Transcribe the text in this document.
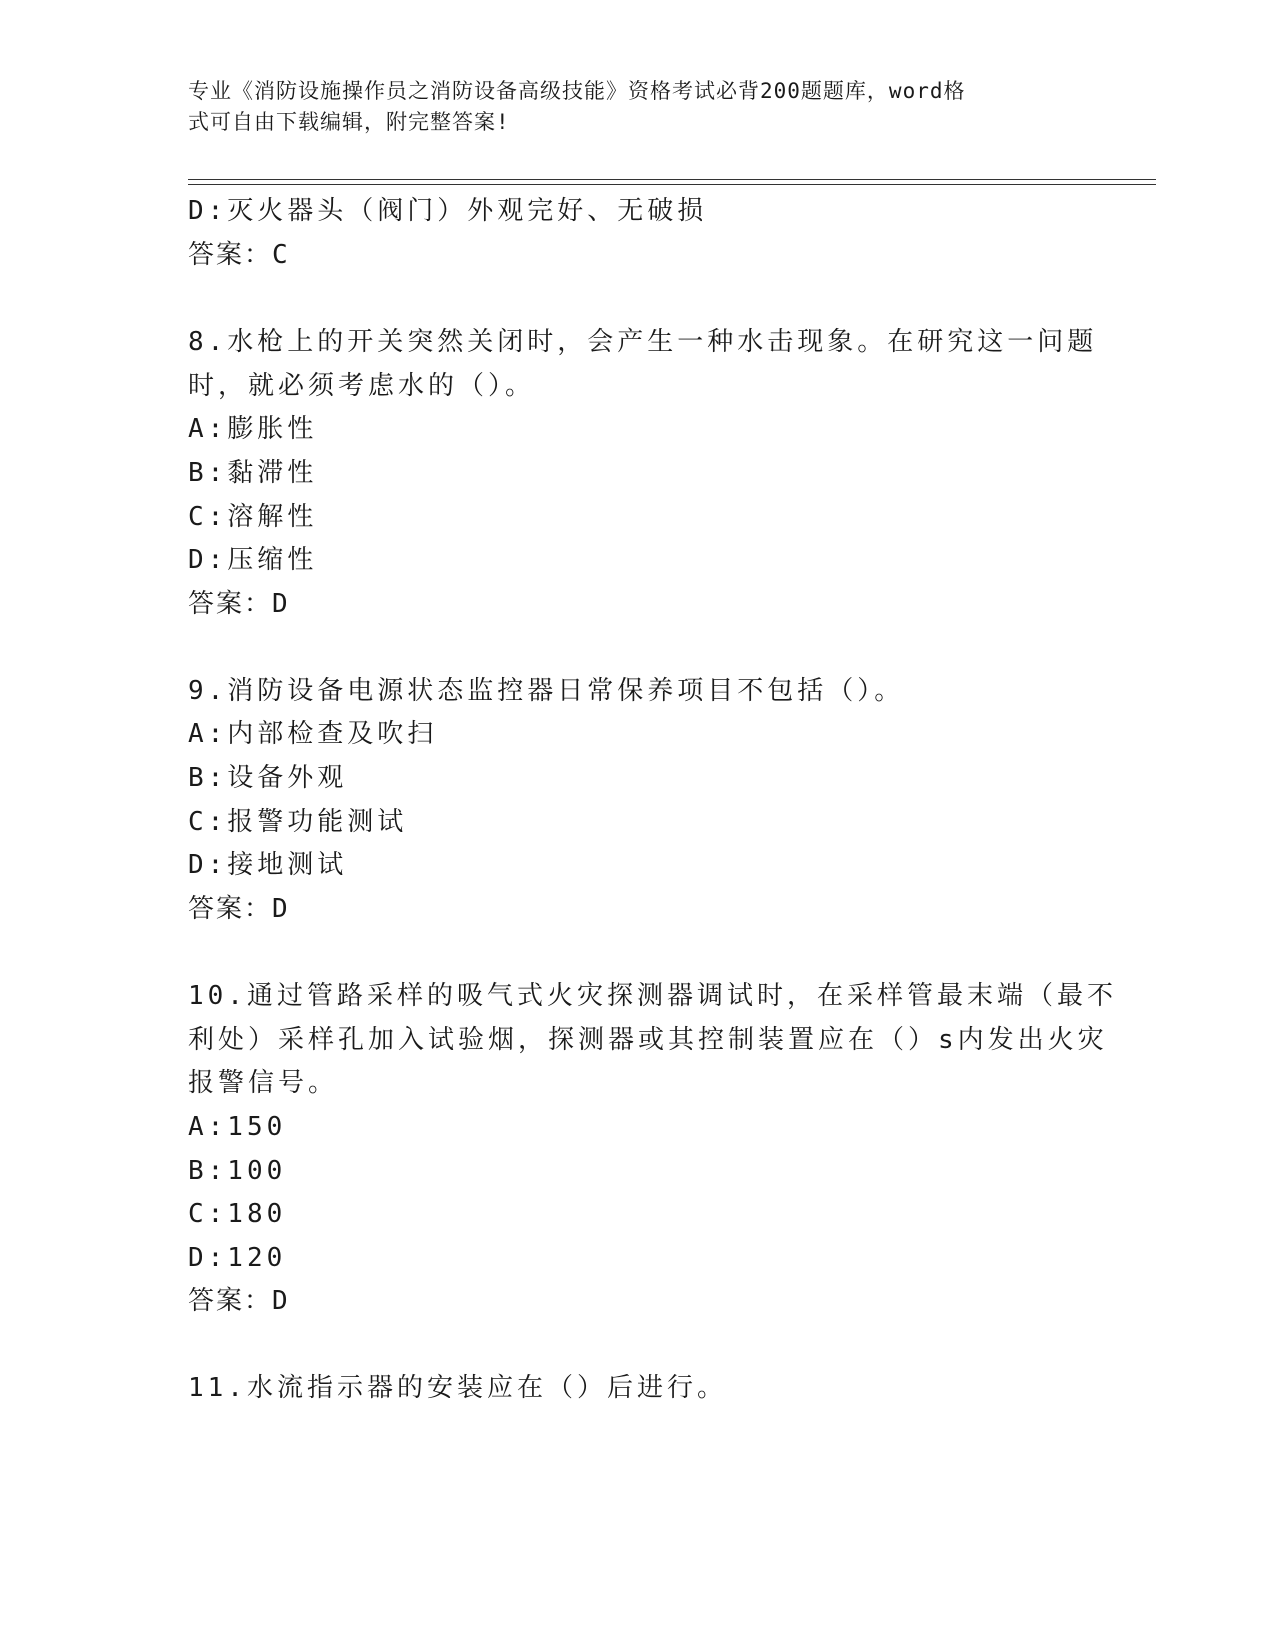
专业《消防设施操作员之消防设备高级技能》资格考试必背200题题库，word格
式可自由下载编辑，附完整答案!
D:灭火器头（阀门）外观完好、无破损
答案：C
8.水枪上的开关突然关闭时，会产生一种水击现象。在研究这一问题
时，就必须考虑水的（）。
A:膨胀性
B:黏滞性
C:溶解性
D:压缩性
答案：D
9.消防设备电源状态监控器日常保养项目不包括（）。
A:内部检查及吹扫
B:设备外观
C:报警功能测试
D:接地测试
答案：D
10.通过管路采样的吸气式火灾探测器调试时，在采样管最末端（最不
利处）采样孔加入试验烟，探测器或其控制装置应在（）s内发出火灾
报警信号。
A:150
B:100
C:180
D:120
答案：D
11.水流指示器的安装应在（）后进行。
